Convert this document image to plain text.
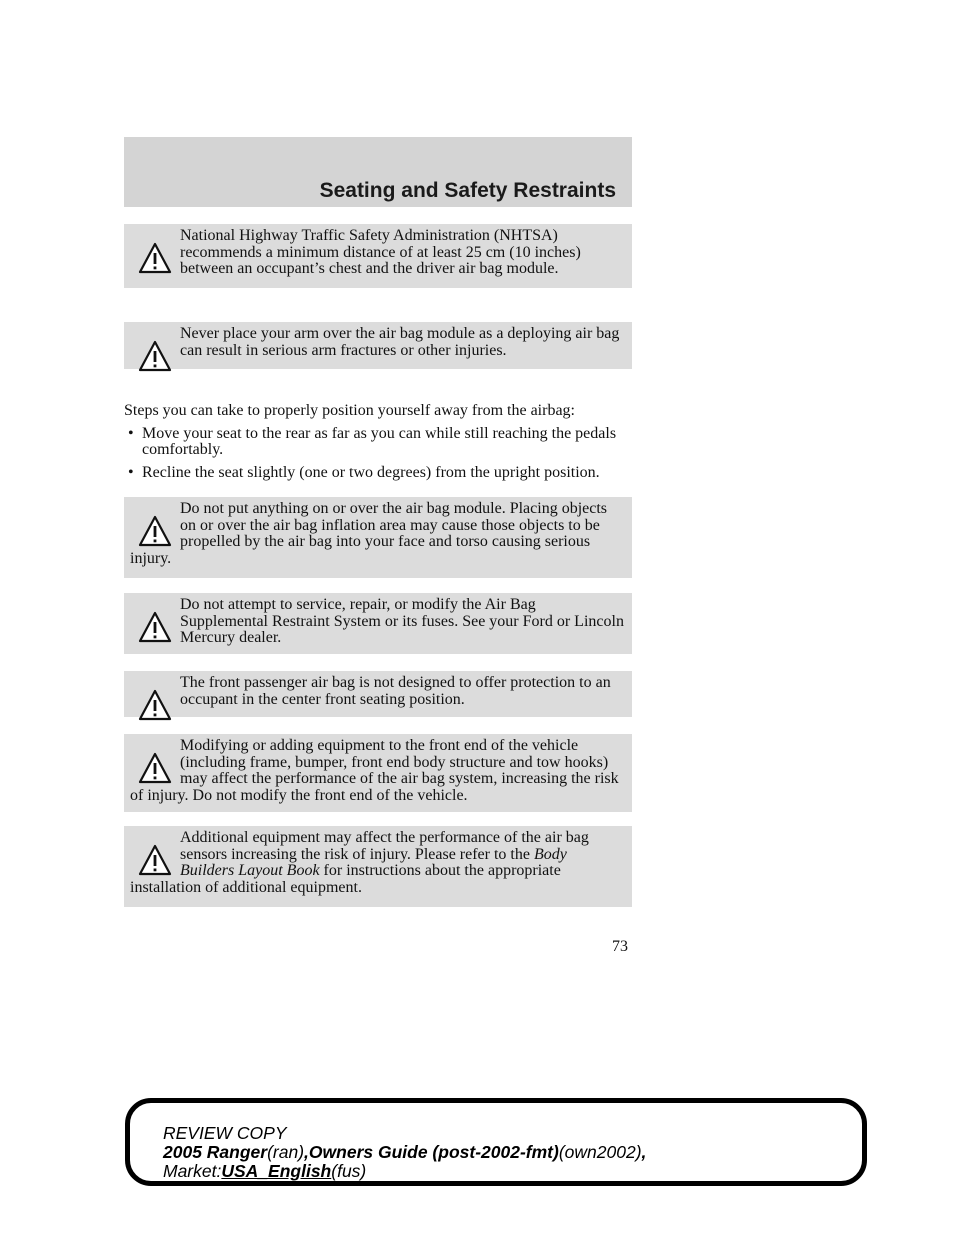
Seating and Safety Restraints

National Highway Traffic Safety Administration (NHTSA) recommends a minimum distance of at least 25 cm (10 inches) between an occupant’s chest and the driver air bag module.

Never place your arm over the air bag module as a deploying air bag can result in serious arm fractures or other injuries.

Steps you can take to properly position yourself away from the airbag:

• Move your seat to the rear as far as you can while still reaching the pedals comfortably.
• Recline the seat slightly (one or two degrees) from the upright position.

Do not put anything on or over the air bag module. Placing objects on or over the air bag inflation area may cause those objects to be propelled by the air bag into your face and torso causing serious injury.

Do not attempt to service, repair, or modify the Air Bag Supplemental Restraint System or its fuses. See your Ford or Lincoln Mercury dealer.

The front passenger air bag is not designed to offer protection to an occupant in the center front seating position.

Modifying or adding equipment to the front end of the vehicle (including frame, bumper, front end body structure and tow hooks) may affect the performance of the air bag system, increasing the risk of injury. Do not modify the front end of the vehicle.

Additional equipment may affect the performance of the air bag sensors increasing the risk of injury. Please refer to the Body Builders Layout Book for instructions about the appropriate installation of additional equipment.

73
REVIEW COPY
2005 Ranger(ran),Owners Guide (post-2002-fmt)(own2002),
Market:USA_English(fus)
